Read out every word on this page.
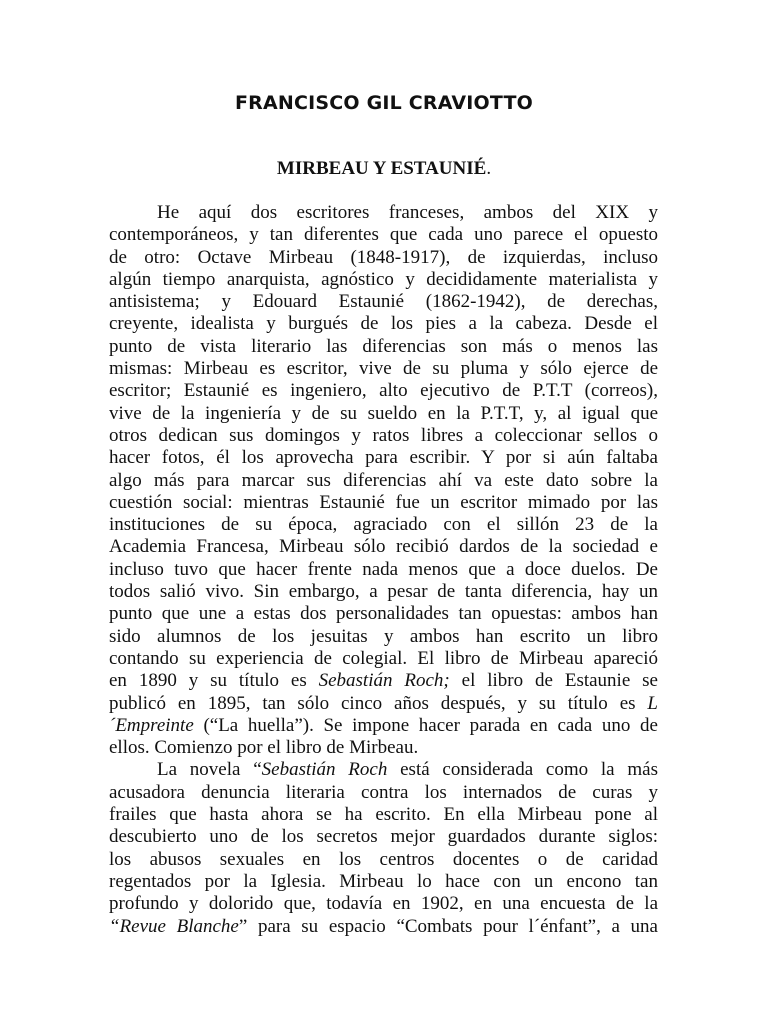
FRANCISCO GIL CRAVIOTTO
MIRBEAU Y ESTAUNIÉ.
He aquí dos escritores franceses, ambos del XIX y
contemporáneos, y tan diferentes que cada uno parece el opuesto
de otro: Octave Mirbeau (1848-1917), de izquierdas, incluso
algún tiempo anarquista, agnóstico y decididamente materialista y
antisistema; y Edouard Estaunié (1862-1942), de derechas,
creyente, idealista y burgués de los pies a la cabeza. Desde el
punto de vista literario las diferencias son más o menos las
mismas: Mirbeau es escritor, vive de su pluma y sólo ejerce de
escritor; Estaunié es ingeniero, alto ejecutivo de P.T.T (correos),
vive de la ingeniería y de su sueldo en la P.T.T, y, al igual que
otros dedican sus domingos y ratos libres a coleccionar sellos o
hacer fotos, él los aprovecha para escribir. Y por si aún faltaba
algo más para marcar sus diferencias ahí va este dato sobre la
cuestión social: mientras Estaunié fue un escritor mimado por las
instituciones de su época, agraciado con el sillón 23 de la
Academia Francesa, Mirbeau sólo recibió dardos de la sociedad e
incluso tuvo que hacer frente nada menos que a doce duelos. De
todos salió vivo. Sin embargo, a pesar de tanta diferencia, hay un
punto que une a estas dos personalidades tan opuestas: ambos han
sido alumnos de los jesuitas y ambos han escrito un libro
contando su experiencia de colegial. El libro de Mirbeau apareció
en 1890 y su título es Sebastián Roch; el libro de Estaunie se
publicó en 1895, tan sólo cinco años después, y su título es L
´Empreinte (“La huella”). Se impone hacer parada en cada uno de
ellos. Comienzo por el libro de Mirbeau.
La novela “Sebastián Roch está considerada como la más
acusadora denuncia literaria contra los internados de curas y
frailes que hasta ahora se ha escrito. En ella Mirbeau pone al
descubierto uno de los secretos mejor guardados durante siglos:
los abusos sexuales en los centros docentes o de caridad
regentados por la Iglesia. Mirbeau lo hace con un encono tan
profundo y dolorido que, todavía en 1902, en una encuesta de la
“Revue Blanche” para su espacio “Combats pour l´énfant”, a una
